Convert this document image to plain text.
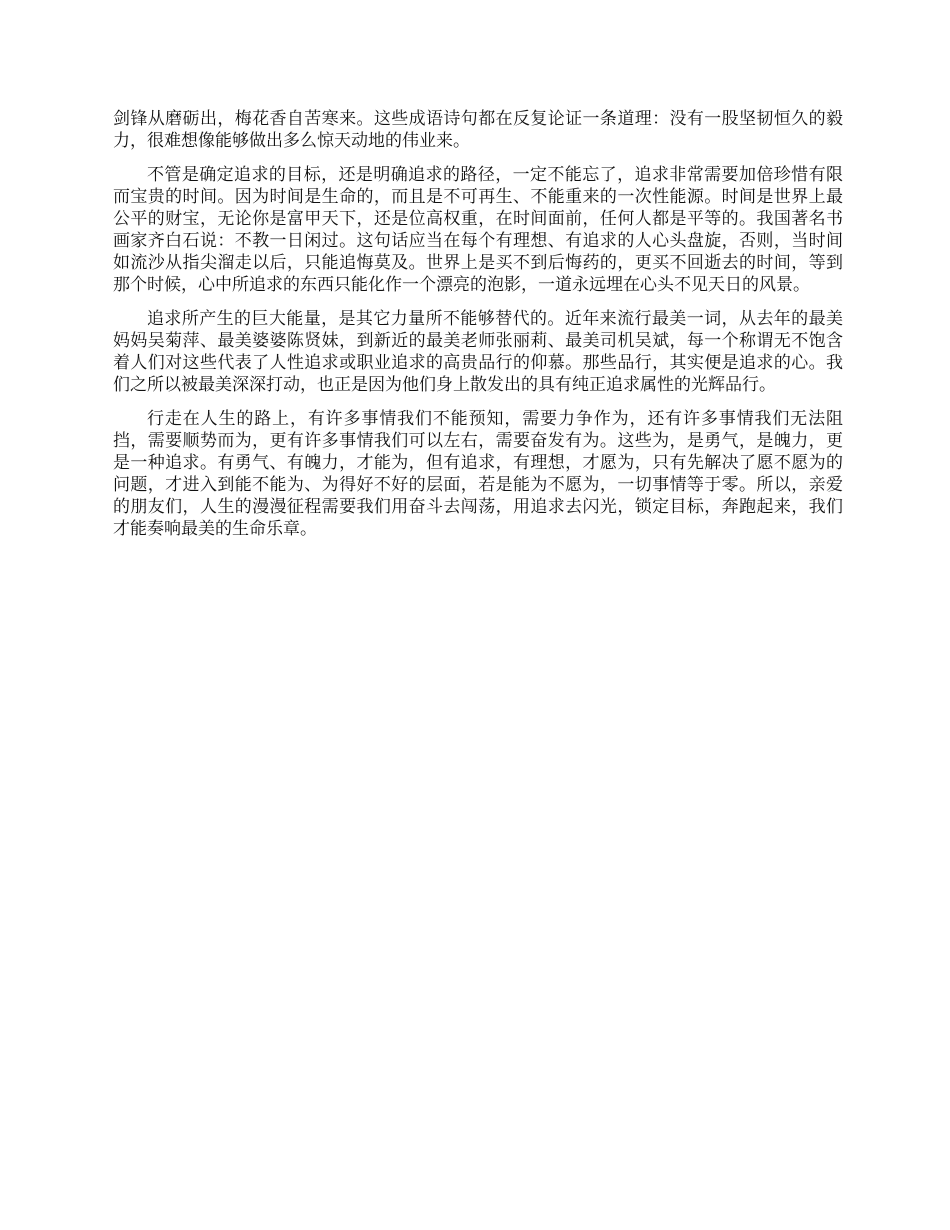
剑锋从磨砺出，梅花香自苦寒来。这些成语诗句都在反复论证一条道理：没有一股坚韧恒久的毅力，很难想像能够做出多么惊天动地的伟业来。

不管是确定追求的目标，还是明确追求的路径，一定不能忘了，追求非常需要加倍珍惜有限而宝贵的时间。因为时间是生命的，而且是不可再生、不能重来的一次性能源。时间是世界上最公平的财宝，无论你是富甲天下，还是位高权重，在时间面前，任何人都是平等的。我国著名书画家齐白石说：不教一日闲过。这句话应当在每个有理想、有追求的人心头盘旋，否则，当时间如流沙从指尖溜走以后，只能追悔莫及。世界上是买不到后悔药的，更买不回逝去的时间，等到那个时候，心中所追求的东西只能化作一个漂亮的泡影，一道永远埋在心头不见天日的风景。

追求所产生的巨大能量，是其它力量所不能够替代的。近年来流行最美一词，从去年的最美妈妈吴菊萍、最美婆婆陈贤妹，到新近的最美老师张丽莉、最美司机吴斌，每一个称谓无不饱含着人们对这些代表了人性追求或职业追求的高贵品行的仰慕。那些品行，其实便是追求的心。我们之所以被最美深深打动，也正是因为他们身上散发出的具有纯正追求属性的光辉品行。

行走在人生的路上，有许多事情我们不能预知，需要力争作为，还有许多事情我们无法阻挡，需要顺势而为，更有许多事情我们可以左右，需要奋发有为。这些为，是勇气，是魄力，更是一种追求。有勇气、有魄力，才能为，但有追求，有理想，才愿为，只有先解决了愿不愿为的问题，才进入到能不能为、为得好不好的层面，若是能为不愿为，一切事情等于零。所以，亲爱的朋友们，人生的漫漫征程需要我们用奋斗去闯荡，用追求去闪光，锁定目标，奔跑起来，我们才能奏响最美的生命乐章。
